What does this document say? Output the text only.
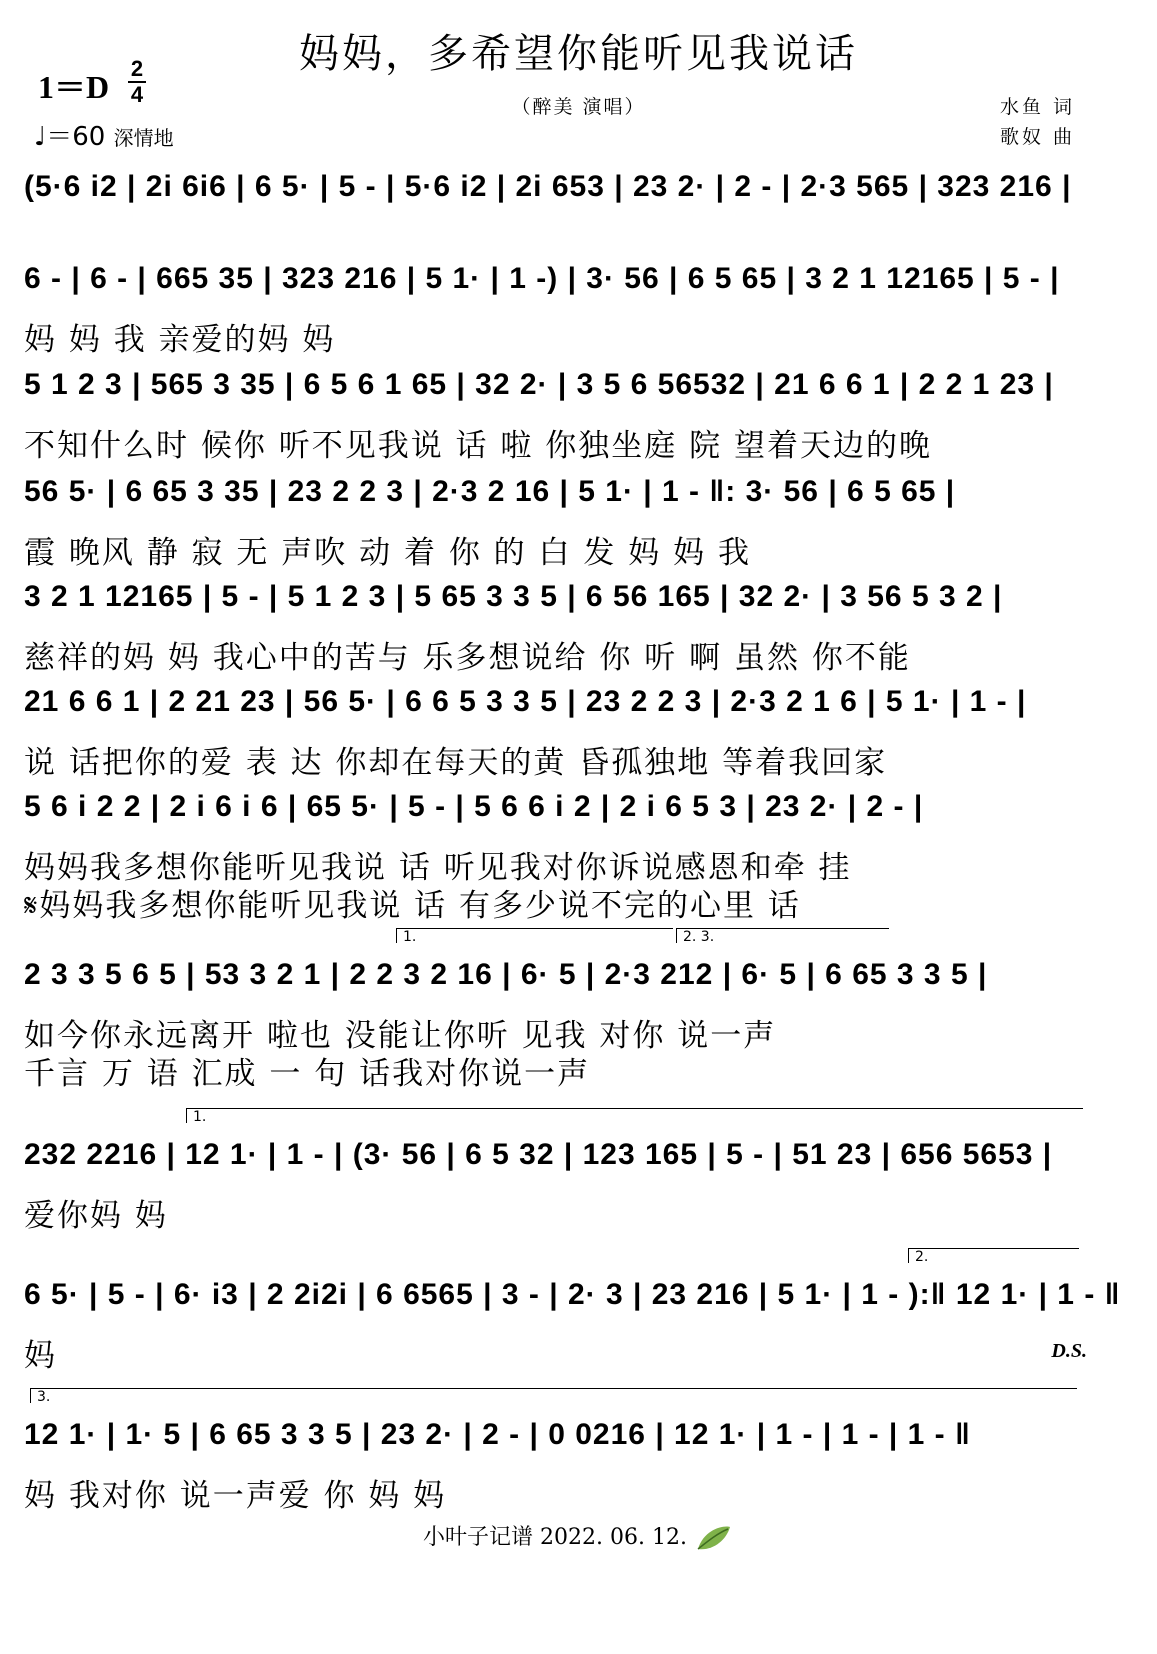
妈妈，多希望你能听见我说话
（醉美 演唱）
1＝D
2
4
♩＝60 深情地
水鱼 词
歌奴 曲
(5·6 i2 | 2i 6i6 | 6 5· | 5 - | 5·6 i2 | 2i 653 | 23 2· | 2 - | 2·3 565 | 323 216 |
6 - | 6 - | 665 35 | 323 216 | 5 1· | 1 -) | 3· 56 | 6 5 65 | 3 2 1 12165 | 5 - |
妈 妈 我 亲爱的妈 妈
5 1 2 3 | 565 3 35 | 6 5 6 1 65 | 32 2· | 3 5 6 56532 | 21 6 6 1 | 2 2 1 23 |
不知什么时 候你 听不见我说 话 啦 你独坐庭 院 望着天边的晚
56 5· | 6 65 3 35 | 23 2 2 3 | 2·3 2 16 | 5 1· | 1 - ‖: 3· 56 | 6 5 65 |
霞 晚风 静 寂 无 声吹 动 着 你 的 白 发 妈 妈 我
3 2 1 12165 | 5 - | 5 1 2 3 | 5 65 3 3 5 | 6 56 165 | 32 2· | 3 56 5 3 2 |
慈祥的妈 妈 我心中的苦与 乐多想说给 你 听 啊 虽然 你不能
21 6 6 1 | 2 21 23 | 56 5· | 6 6 5 3 3 5 | 23 2 2 3 | 2·3 2 1 6 | 5 1· | 1 - |
说 话把你的爱 表 达 你却在每天的黄 昏孤独地 等着我回家
5 6 i 2 2 | 2 i 6 i 6 | 65 5· | 5 - | 5 6 6 i 2 | 2 i 6 5 3 | 23 2· | 2 - |
妈妈我多想你能听见我说 话 听见我对你诉说感恩和牵 挂
𝄋妈妈我多想你能听见我说 话 有多少说不完的心里 话
2 3 3 5 6 5 | 53 3 2 1 | 2 2 3 2 16 | 6· 5 | 2·3 212 | 6· 5 | 6 65 3 3 5 |
如今你永远离开 啦也 没能让你听 见我 对你 说一声
千言 万 语 汇成 一 句 话我对你说一声
232 2216 | 12 1· | 1 - | (3· 56 | 6 5 32 | 123 165 | 5 - | 51 23 | 656 5653 |
爱你妈 妈
6 5· | 5 - | 6· i3 | 2 2i2i | 6 6565 | 3 - | 2· 3 | 23 216 | 5 1· | 1 - ):‖ 12 1· | 1 - ‖
妈
12 1· | 1· 5 | 6 65 3 3 5 | 23 2· | 2 - | 0 0216 | 12 1· | 1 - | 1 - | 1 - ‖
妈 我对你 说一声爱 你 妈 妈
1.	2. 3.
1.
2.
3.
D.S.
小叶子记谱 2022. 06. 12.
